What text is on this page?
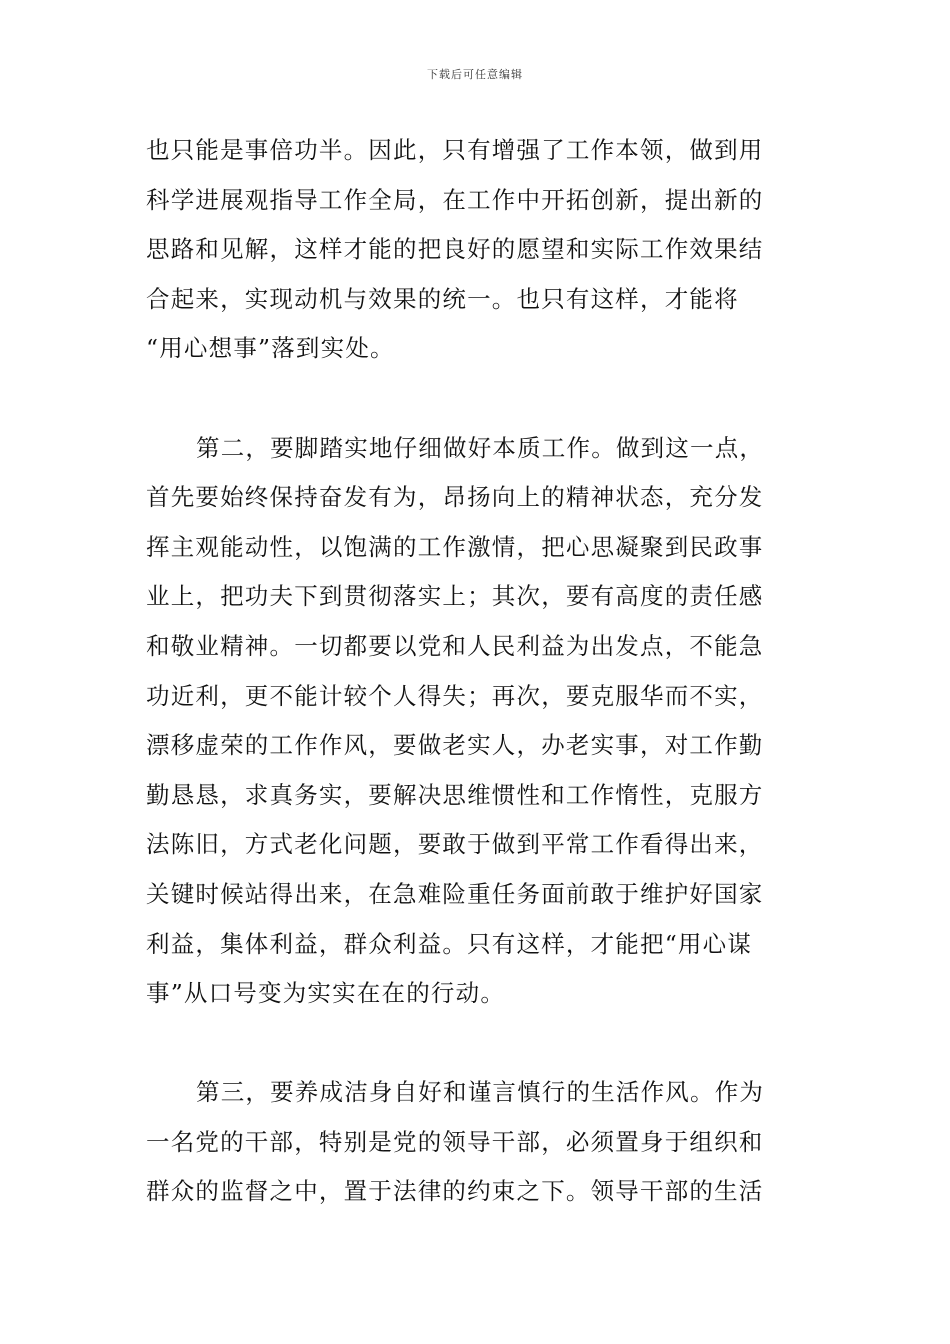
下载后可任意编辑
也只能是事倍功半。因此，只有增强了工作本领，做到用
科学进展观指导工作全局，在工作中开拓创新，提出新的
思路和见解，这样才能的把良好的愿望和实际工作效果结
合起来，实现动机与效果的统一。也只有这样，才能将
“用心想事”落到实处。
第二，要脚踏实地仔细做好本质工作。做到这一点，
首先要始终保持奋发有为，昂扬向上的精神状态，充分发
挥主观能动性，以饱满的工作激情，把心思凝聚到民政事
业上，把功夫下到贯彻落实上；其次，要有高度的责任感
和敬业精神。一切都要以党和人民利益为出发点，不能急
功近利，更不能计较个人得失；再次，要克服华而不实，
漂移虚荣的工作作风，要做老实人，办老实事，对工作勤
勤恳恳，求真务实，要解决思维惯性和工作惰性，克服方
法陈旧，方式老化问题，要敢于做到平常工作看得出来，
关键时候站得出来，在急难险重任务面前敢于维护好国家
利益，集体利益，群众利益。只有这样，才能把“用心谋
事”从口号变为实实在在的行动。
第三，要养成洁身自好和谨言慎行的生活作风。作为
一名党的干部，特别是党的领导干部，必须置身于组织和
群众的监督之中，置于法律的约束之下。领导干部的生活
